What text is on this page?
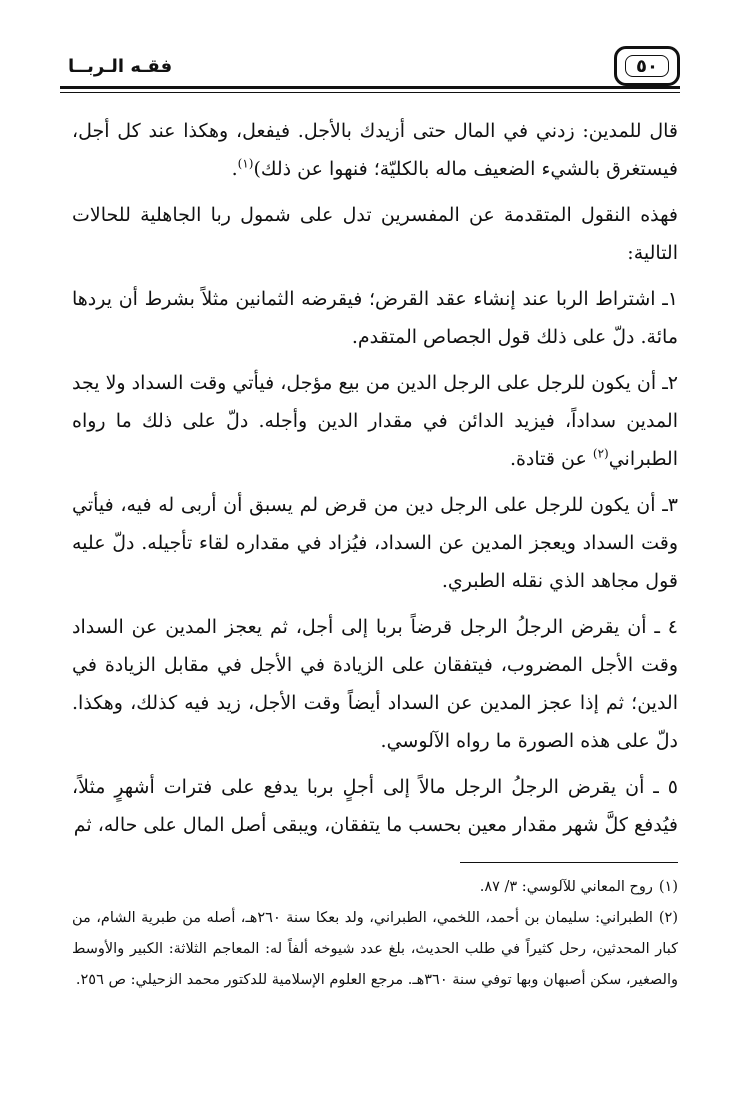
فقـه الـربــا	٥٠

قال للمدين: زدني في المال حتى أزيدك بالأجل. فيفعل، وهكذا عند كل أجل، فيستغرق بالشيء الضعيف ماله بالكليّة؛ فنهوا عن ذلك)$^{(١)}$.

فهذه النقول المتقدمة عن المفسرين تدل على شمول ربا الجاهلية للحالات التالية:

١ـ اشتراط الربا عند إنشاء عقد القرض؛ فيقرضه الثمانين مثلاً بشرط أن يردها مائة. دلّ على ذلك قول الجصاص المتقدم.

٢ـ أن يكون للرجل على الرجل الدين من بيع مؤجل، فيأتي وقت السداد ولا يجد المدين سداداً، فيزيد الدائن في مقدار الدين وأجله. دلّ على ذلك ما رواه الطبراني$^{(٢)}$ عن قتادة.

٣ـ أن يكون للرجل على الرجل دين من قرض لم يسبق أن أربى له فيه، فيأتي وقت السداد ويعجز المدين عن السداد، فيُزاد في مقداره لقاء تأجيله. دلّ عليه قول مجاهد الذي نقله الطبري.

٤ ـ أن يقرض الرجلُ الرجل قرضاً بربا إلى أجل، ثم يعجز المدين عن السداد وقت الأجل المضروب، فيتفقان على الزيادة في الأجل في مقابل الزيادة في الدين؛ ثم إذا عجز المدين عن السداد أيضاً وقت الأجل، زيد فيه كذلك، وهكذا. دلّ على هذه الصورة ما رواه الآلوسي.

٥ ـ أن يقرض الرجلُ الرجل مالاً إلى أجلٍ بربا يدفع على فترات أشهرٍ مثلاً، فيُدفع كلَّ شهر مقدار معين بحسب ما يتفقان، ويبقى أصل المال على حاله، ثم

(١)روح المعاني للآلوسي: ٣/ ٨٧.

(٢)الطبراني: سليمان بن أحمد، اللخمي، الطبراني، ولد بعكا سنة ٢٦٠هـ، أصله من طبرية الشام، من كبار المحدثين، رحل كثيراً في طلب الحديث، بلغ عدد شيوخه ألفاً له: المعاجم الثلاثة: الكبير والأوسط والصغير، سكن أصبهان وبها توفي سنة ٣٦٠هـ. مرجع العلوم الإسلامية للدكتور محمد الزحيلي: ص ٢٥٦.
